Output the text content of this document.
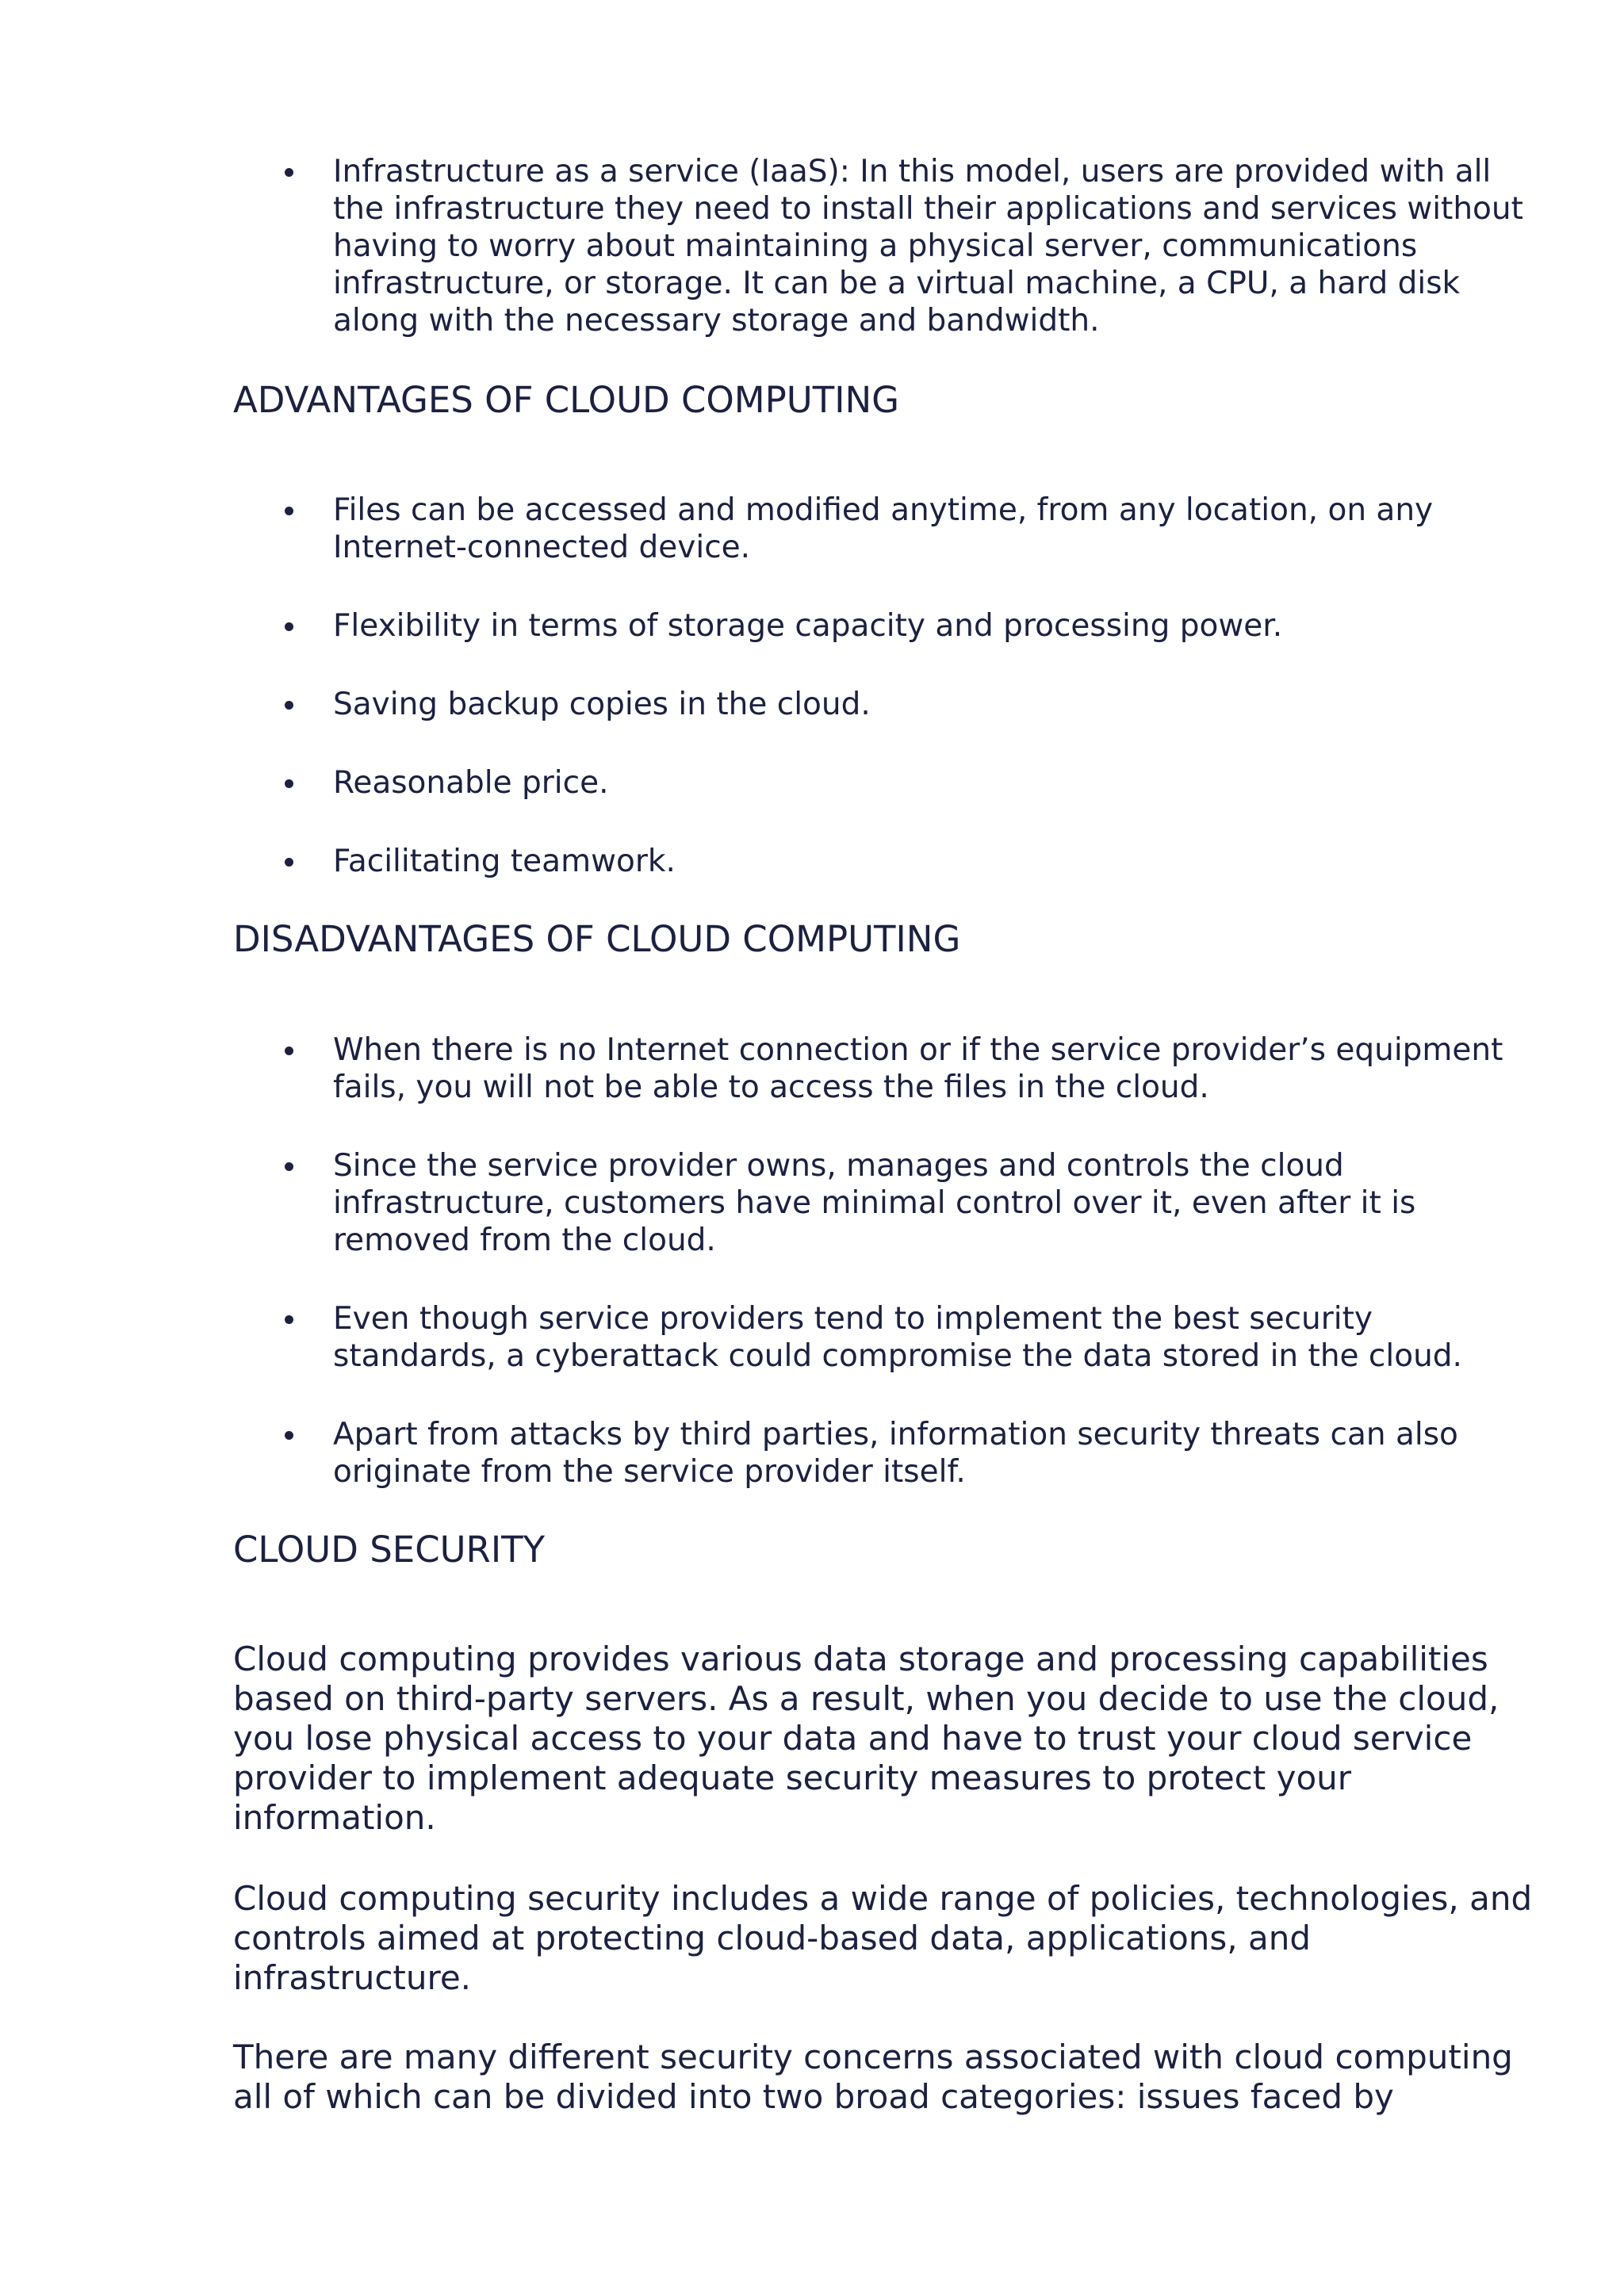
Infrastructure as a service (IaaS): In this model, users are provided with all the infrastructure they need to install their applications and services without having to worry about maintaining a physical server, communications infrastructure, or storage. It can be a virtual machine, a CPU, a hard disk along with the necessary storage and bandwidth.
ADVANTAGES OF CLOUD COMPUTING
Files can be accessed and modified anytime, from any location, on any Internet-connected device.
Flexibility in terms of storage capacity and processing power.
Saving backup copies in the cloud.
Reasonable price.
Facilitating teamwork.
DISADVANTAGES OF CLOUD COMPUTING
When there is no Internet connection or if the service provider’s equipment fails, you will not be able to access the files in the cloud.
Since the service provider owns, manages and controls the cloud infrastructure, customers have minimal control over it, even after it is removed from the cloud.
Even though service providers tend to implement the best security standards, a cyberattack could compromise the data stored in the cloud.
Apart from attacks by third parties, information security threats can also originate from the service provider itself.
CLOUD SECURITY

Cloud computing provides various data storage and processing capabilities based on third-party servers. As a result, when you decide to use the cloud, you lose physical access to your data and have to trust your cloud service provider to implement adequate security measures to protect your information.

Cloud computing security includes a wide range of policies, technologies, and controls aimed at protecting cloud-based data, applications, and infrastructure.

There are many different security concerns associated with cloud computing all of which can be divided into two broad categories: issues faced by
